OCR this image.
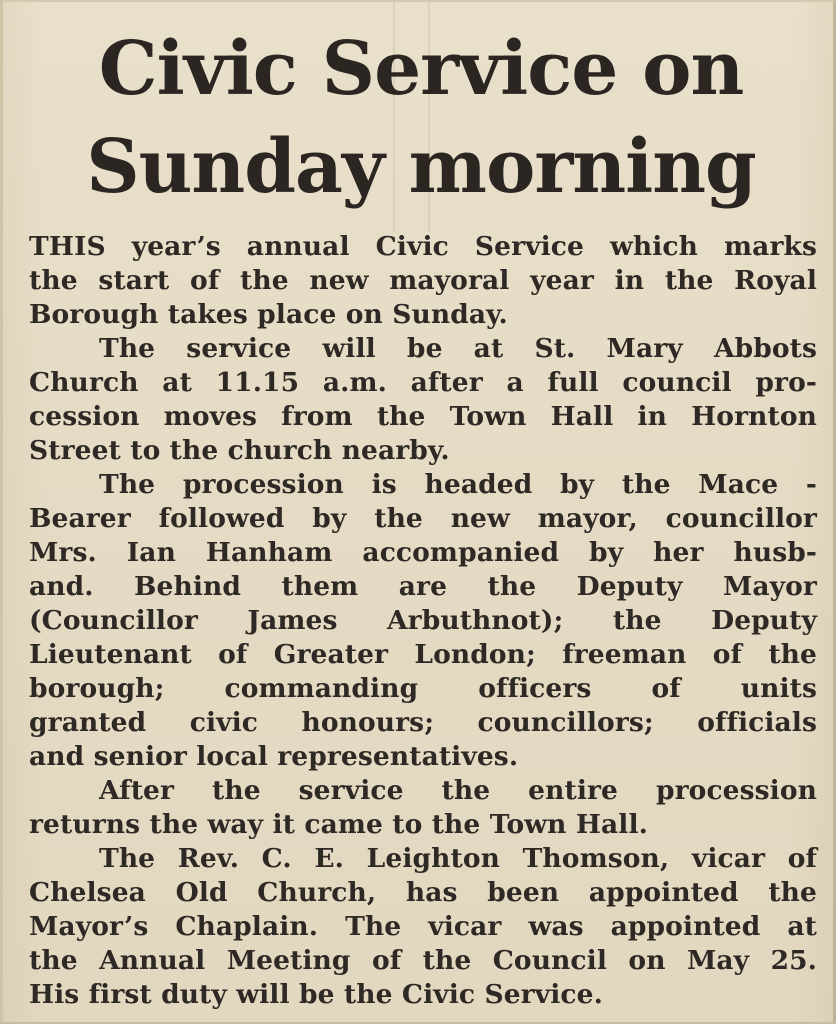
Civic Service on
Sunday morning
THIS year’s annual Civic Service which marks
the start of the new mayoral year in the Royal
Borough takes place on Sunday.
The service will be at St. Mary Abbots
Church at 11.15 a.m. after a full council pro-
cession moves from the Town Hall in Hornton
Street to the church nearby.
The procession is headed by the Mace -
Bearer followed by the new mayor, councillor
Mrs. Ian Hanham accompanied by her husb-
and. Behind them are the Deputy Mayor
(Councillor James Arbuthnot); the Deputy
Lieutenant of Greater London; freeman of the
borough; commanding officers of units
granted civic honours; councillors; officials
and senior local representatives.
After the service the entire procession
returns the way it came to the Town Hall.
The Rev. C. E. Leighton Thomson, vicar of
Chelsea Old Church, has been appointed the
Mayor’s Chaplain. The vicar was appointed at
the Annual Meeting of the Council on May 25.
His first duty will be the Civic Service.
